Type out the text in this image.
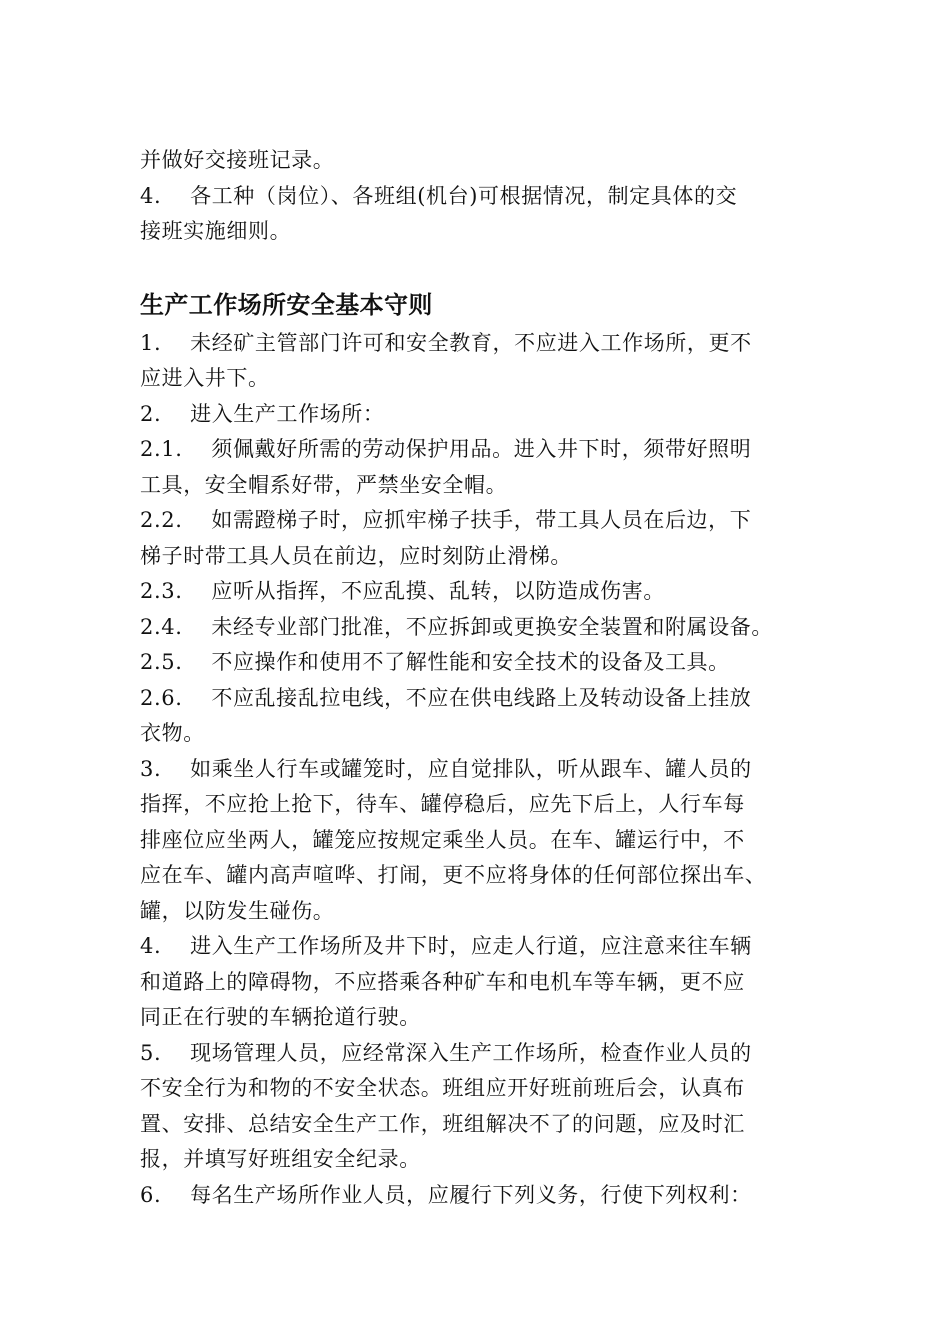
并做好交接班记录。
4.　 各工种（岗位）、各班组(机台)可根据情况，制定具体的交
接班实施细则。
生产工作场所安全基本守则
1.　 未经矿主管部门许可和安全教育，不应进入工作场所，更不
应进入井下。
2.　 进入生产工作场所：
2.1.　 须佩戴好所需的劳动保护用品。进入井下时，须带好照明
工具，安全帽系好带，严禁坐安全帽。
2.2.　 如需蹬梯子时，应抓牢梯子扶手，带工具人员在后边，下
梯子时带工具人员在前边，应时刻防止滑梯。
2.3.　 应听从指挥，不应乱摸、乱转，以防造成伤害。
2.4.　 未经专业部门批准，不应拆卸或更换安全装置和附属设备。
2.5.　 不应操作和使用不了解性能和安全技术的设备及工具。
2.6.　 不应乱接乱拉电线，不应在供电线路上及转动设备上挂放
衣物。
3.　 如乘坐人行车或罐笼时，应自觉排队，听从跟车、罐人员的
指挥，不应抢上抢下，待车、罐停稳后，应先下后上，人行车每
排座位应坐两人，罐笼应按规定乘坐人员。在车、罐运行中，不
应在车、罐内高声喧哗、打闹，更不应将身体的任何部位探出车、
罐，以防发生碰伤。
4.　 进入生产工作场所及井下时，应走人行道，应注意来往车辆
和道路上的障碍物，不应搭乘各种矿车和电机车等车辆，更不应
同正在行驶的车辆抢道行驶。
5.　 现场管理人员，应经常深入生产工作场所，检查作业人员的
不安全行为和物的不安全状态。班组应开好班前班后会，认真布
置、安排、总结安全生产工作，班组解决不了的问题，应及时汇
报，并填写好班组安全纪录。
6.　 每名生产场所作业人员，应履行下列义务，行使下列权利：
